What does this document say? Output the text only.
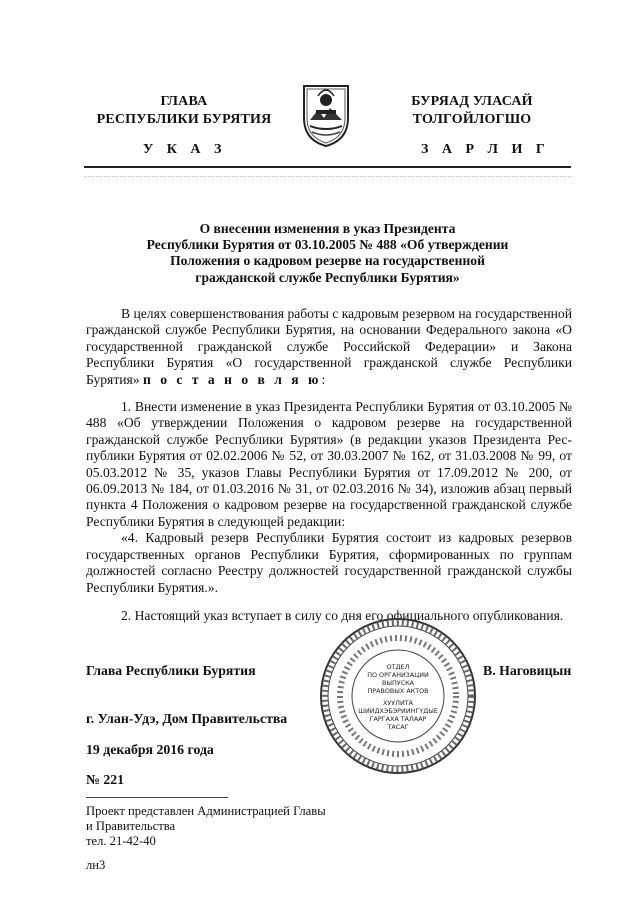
ГЛАВА
РЕСПУБЛИКИ БУРЯТИЯ
БУРЯАД УЛАСАЙ
ТОЛГОЙЛОГШО
У К А З	З А Р Л И Г
О внесении изменения в указ Президента
Республики Бурятия от 03.10.2005 № 488 «Об утверждении
Положения о кадровом резерве на государственной
гражданской службе Республики Бурятия»

В целях совершенствования работы с кадровым резервом на государственной гражданской службе Республики Бурятия, на основании Федерального закона «О государственной гражданской службе Российской Федерации» и Закона Республики Бурятия «О государственной гражданской службе Республики Бурятия» п о с т а н о в л я ю:

1. Внести изменение в указ Президента Республики Бурятия от 03.10.2005 № 488 «Об утверждении Положения о кадровом резерве на государственной гражданской службе Республики Бурятия» (в редакции указов Президента Республики Бурятия от 02.02.2006 № 52, от 30.03.2007 № 162, от 31.03.2008 № 99, от 05.03.2012 № 35, указов Главы Республики Бурятия от 17.09.2012 № 200, от 06.09.2013 № 184, от 01.03.2016 № 31, от 02.03.2016 № 34), изложив абзац первый пункта 4 Положения о кадровом резерве на государственной гражданской службе Республики Бурятия в следующей редакции:

«4. Кадровый резерв Республики Бурятия состоит из кадровых резервов государственных органов Республики Бурятия, сформированных по группам должностей согласно Реестру должностей государственной гражданской службы Республики Бурятия.».

2. Настоящий указ вступает в силу со дня его официального опубликования.

Глава Республики Бурятия	В. Наговицын
ОТДЕЛ
ПО ОРГАНИЗАЦИИ
ВЫПУСКА
ПРАВОВЫХ АКТОВ
ХУУЛИТА
ШИИДХЭБЭРИИНГҮДЫЕ
ГАРГАХА ТАЛААР
ТАСАГ
г. Улан-Удэ, Дом Правительства
19 декабря 2016 года
№ 221
Проект представлен Администрацией Главы
и Правительства
тел. 21-42-40
лн3
